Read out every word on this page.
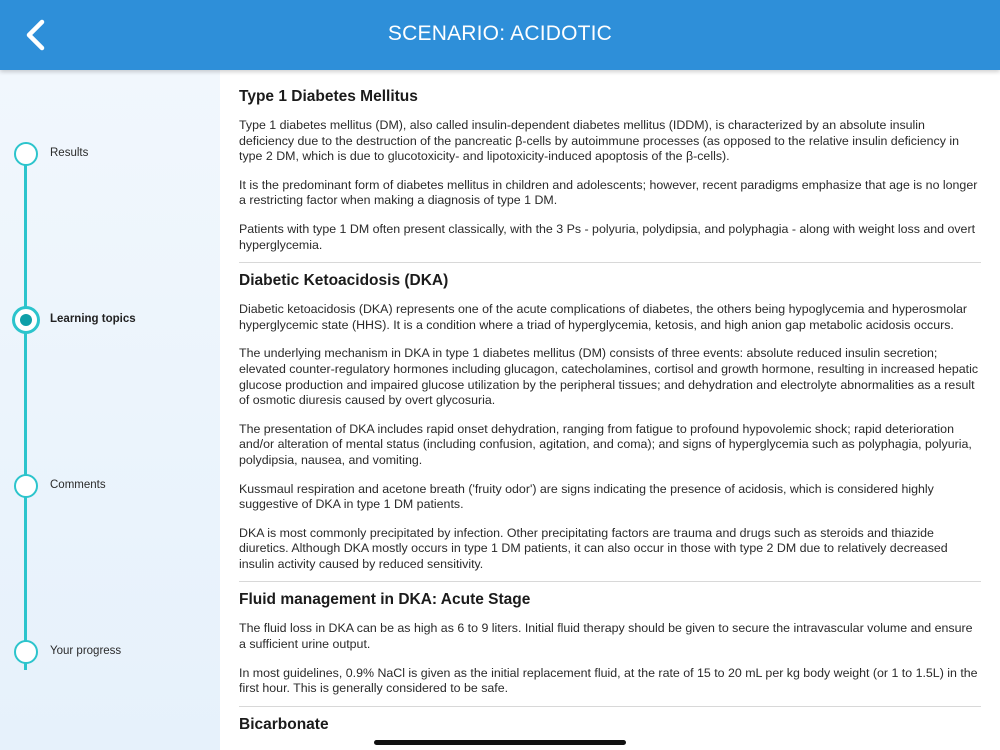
SCENARIO: ACIDOTIC
Results
Learning topics
Comments
Your progress
Type 1 Diabetes Mellitus

Type 1 diabetes mellitus (DM), also called insulin-dependent diabetes mellitus (IDDM), is characterized by an absolute insulin deficiency due to the destruction of the pancreatic β-cells by autoimmune processes (as opposed to the relative insulin deficiency in type 2 DM, which is due to glucotoxicity- and lipotoxicity-induced apoptosis of the β-cells).

It is the predominant form of diabetes mellitus in children and adolescents; however, recent paradigms emphasize that age is no longer a restricting factor when making a diagnosis of type 1 DM.

Patients with type 1 DM often present classically, with the 3 Ps - polyuria, polydipsia, and polyphagia - along with weight loss and overt hyperglycemia.

Diabetic Ketoacidosis (DKA)

Diabetic ketoacidosis (DKA) represents one of the acute complications of diabetes, the others being hypoglycemia and hyperosmolar hyperglycemic state (HHS). It is a condition where a triad of hyperglycemia, ketosis, and high anion gap metabolic acidosis occurs.

The underlying mechanism in DKA in type 1 diabetes mellitus (DM) consists of three events: absolute reduced insulin secretion; elevated counter-regulatory hormones including glucagon, catecholamines, cortisol and growth hormone, resulting in increased hepatic glucose production and impaired glucose utilization by the peripheral tissues; and dehydration and electrolyte abnormalities as a result of osmotic diuresis caused by overt glycosuria.

The presentation of DKA includes rapid onset dehydration, ranging from fatigue to profound hypovolemic shock; rapid deterioration and/or alteration of mental status (including confusion, agitation, and coma); and signs of hyperglycemia such as polyphagia, polyuria, polydipsia, nausea, and vomiting.

Kussmaul respiration and acetone breath ('fruity odor') are signs indicating the presence of acidosis, which is considered highly suggestive of DKA in type 1 DM patients.

DKA is most commonly precipitated by infection. Other precipitating factors are trauma and drugs such as steroids and thiazide diuretics. Although DKA mostly occurs in type 1 DM patients, it can also occur in those with type 2 DM due to relatively decreased insulin activity caused by reduced sensitivity.

Fluid management in DKA: Acute Stage

The fluid loss in DKA can be as high as 6 to 9 liters. Initial fluid therapy should be given to secure the intravascular volume and ensure a sufficient urine output.

In most guidelines, 0.9% NaCl is given as the initial replacement fluid, at the rate of 15 to 20 mL per kg body weight (or 1 to 1.5L) in the first hour. This is generally considered to be safe.

Bicarbonate
